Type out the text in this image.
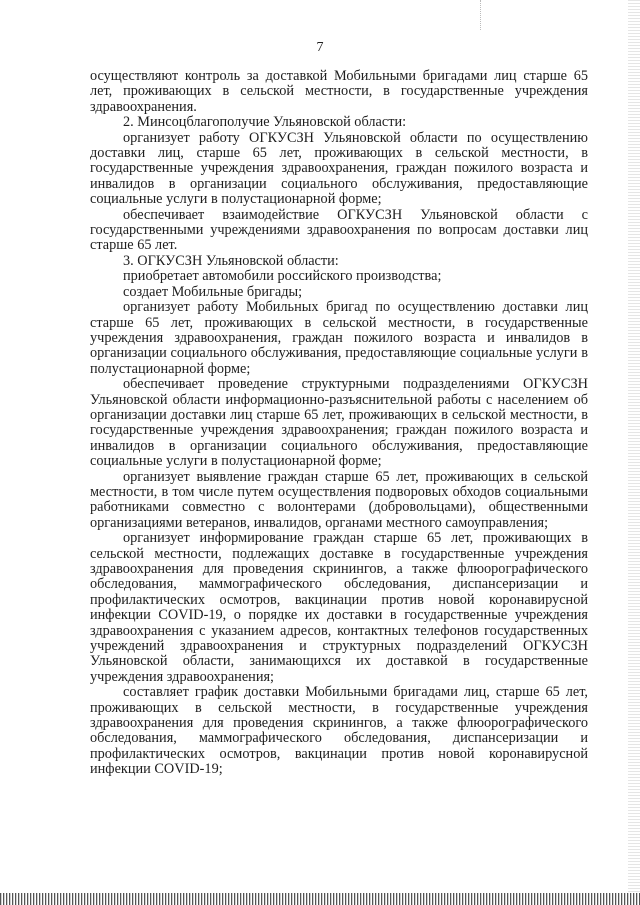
7

осуществляют контроль за доставкой Мобильными бригадами лиц старше 65 лет, проживающих в сельской местности, в государственные учреждения здравоохранения.

2. Минсоцблагополучие Ульяновской области:

организует работу ОГКУСЗН Ульяновской области по осуществлению доставки лиц, старше 65 лет, проживающих в сельской местности, в государственные учреждения здравоохранения, граждан пожилого возраста и инвалидов в организации социального обслуживания, предоставляющие социальные услуги в полустационарной форме;

обеспечивает взаимодействие ОГКУСЗН Ульяновской области с государственными учреждениями здравоохранения по вопросам доставки лиц старше 65 лет.

3. ОГКУСЗН Ульяновской области:

приобретает автомобили российского производства;

создает Мобильные бригады;

организует работу Мобильных бригад по осуществлению доставки лиц старше 65 лет, проживающих в сельской местности, в государственные учреждения здравоохранения, граждан пожилого возраста и инвалидов в организации социального обслуживания, предоставляющие социальные услуги в полустационарной форме;

обеспечивает проведение структурными подразделениями ОГКУСЗН Ульяновской области информационно-разъяснительной работы с населением об организации доставки лиц старше 65 лет, проживающих в сельской местности, в государственные учреждения здравоохранения; граждан пожилого возраста и инвалидов в организации социального обслуживания, предоставляющие социальные услуги в полустационарной форме;

организует выявление граждан старше 65 лет, проживающих в сельской местности, в том числе путем осуществления подворовых обходов социальными работниками совместно с волонтерами (добровольцами), общественными организациями ветеранов, инвалидов, органами местного самоуправления;

организует информирование граждан старше 65 лет, проживающих в сельской местности, подлежащих доставке в государственные учреждения здравоохранения для проведения скринингов, а также флюорографического обследования, маммографического обследования, диспансеризации и профилактических осмотров, вакцинации против новой коронавирусной инфекции COVID-19, о порядке их доставки в государственные учреждения здравоохранения с указанием адресов, контактных телефонов государственных учреждений здравоохранения и структурных подразделений ОГКУСЗН Ульяновской области, занимающихся их доставкой в государственные учреждения здравоохранения;

составляет график доставки Мобильными бригадами лиц, старше 65 лет, проживающих в сельской местности, в государственные учреждения здравоохранения для проведения скринингов, а также флюорографического обследования, маммографического обследования, диспансеризации и профилактических осмотров, вакцинации против новой коронавирусной инфекции COVID-19;
